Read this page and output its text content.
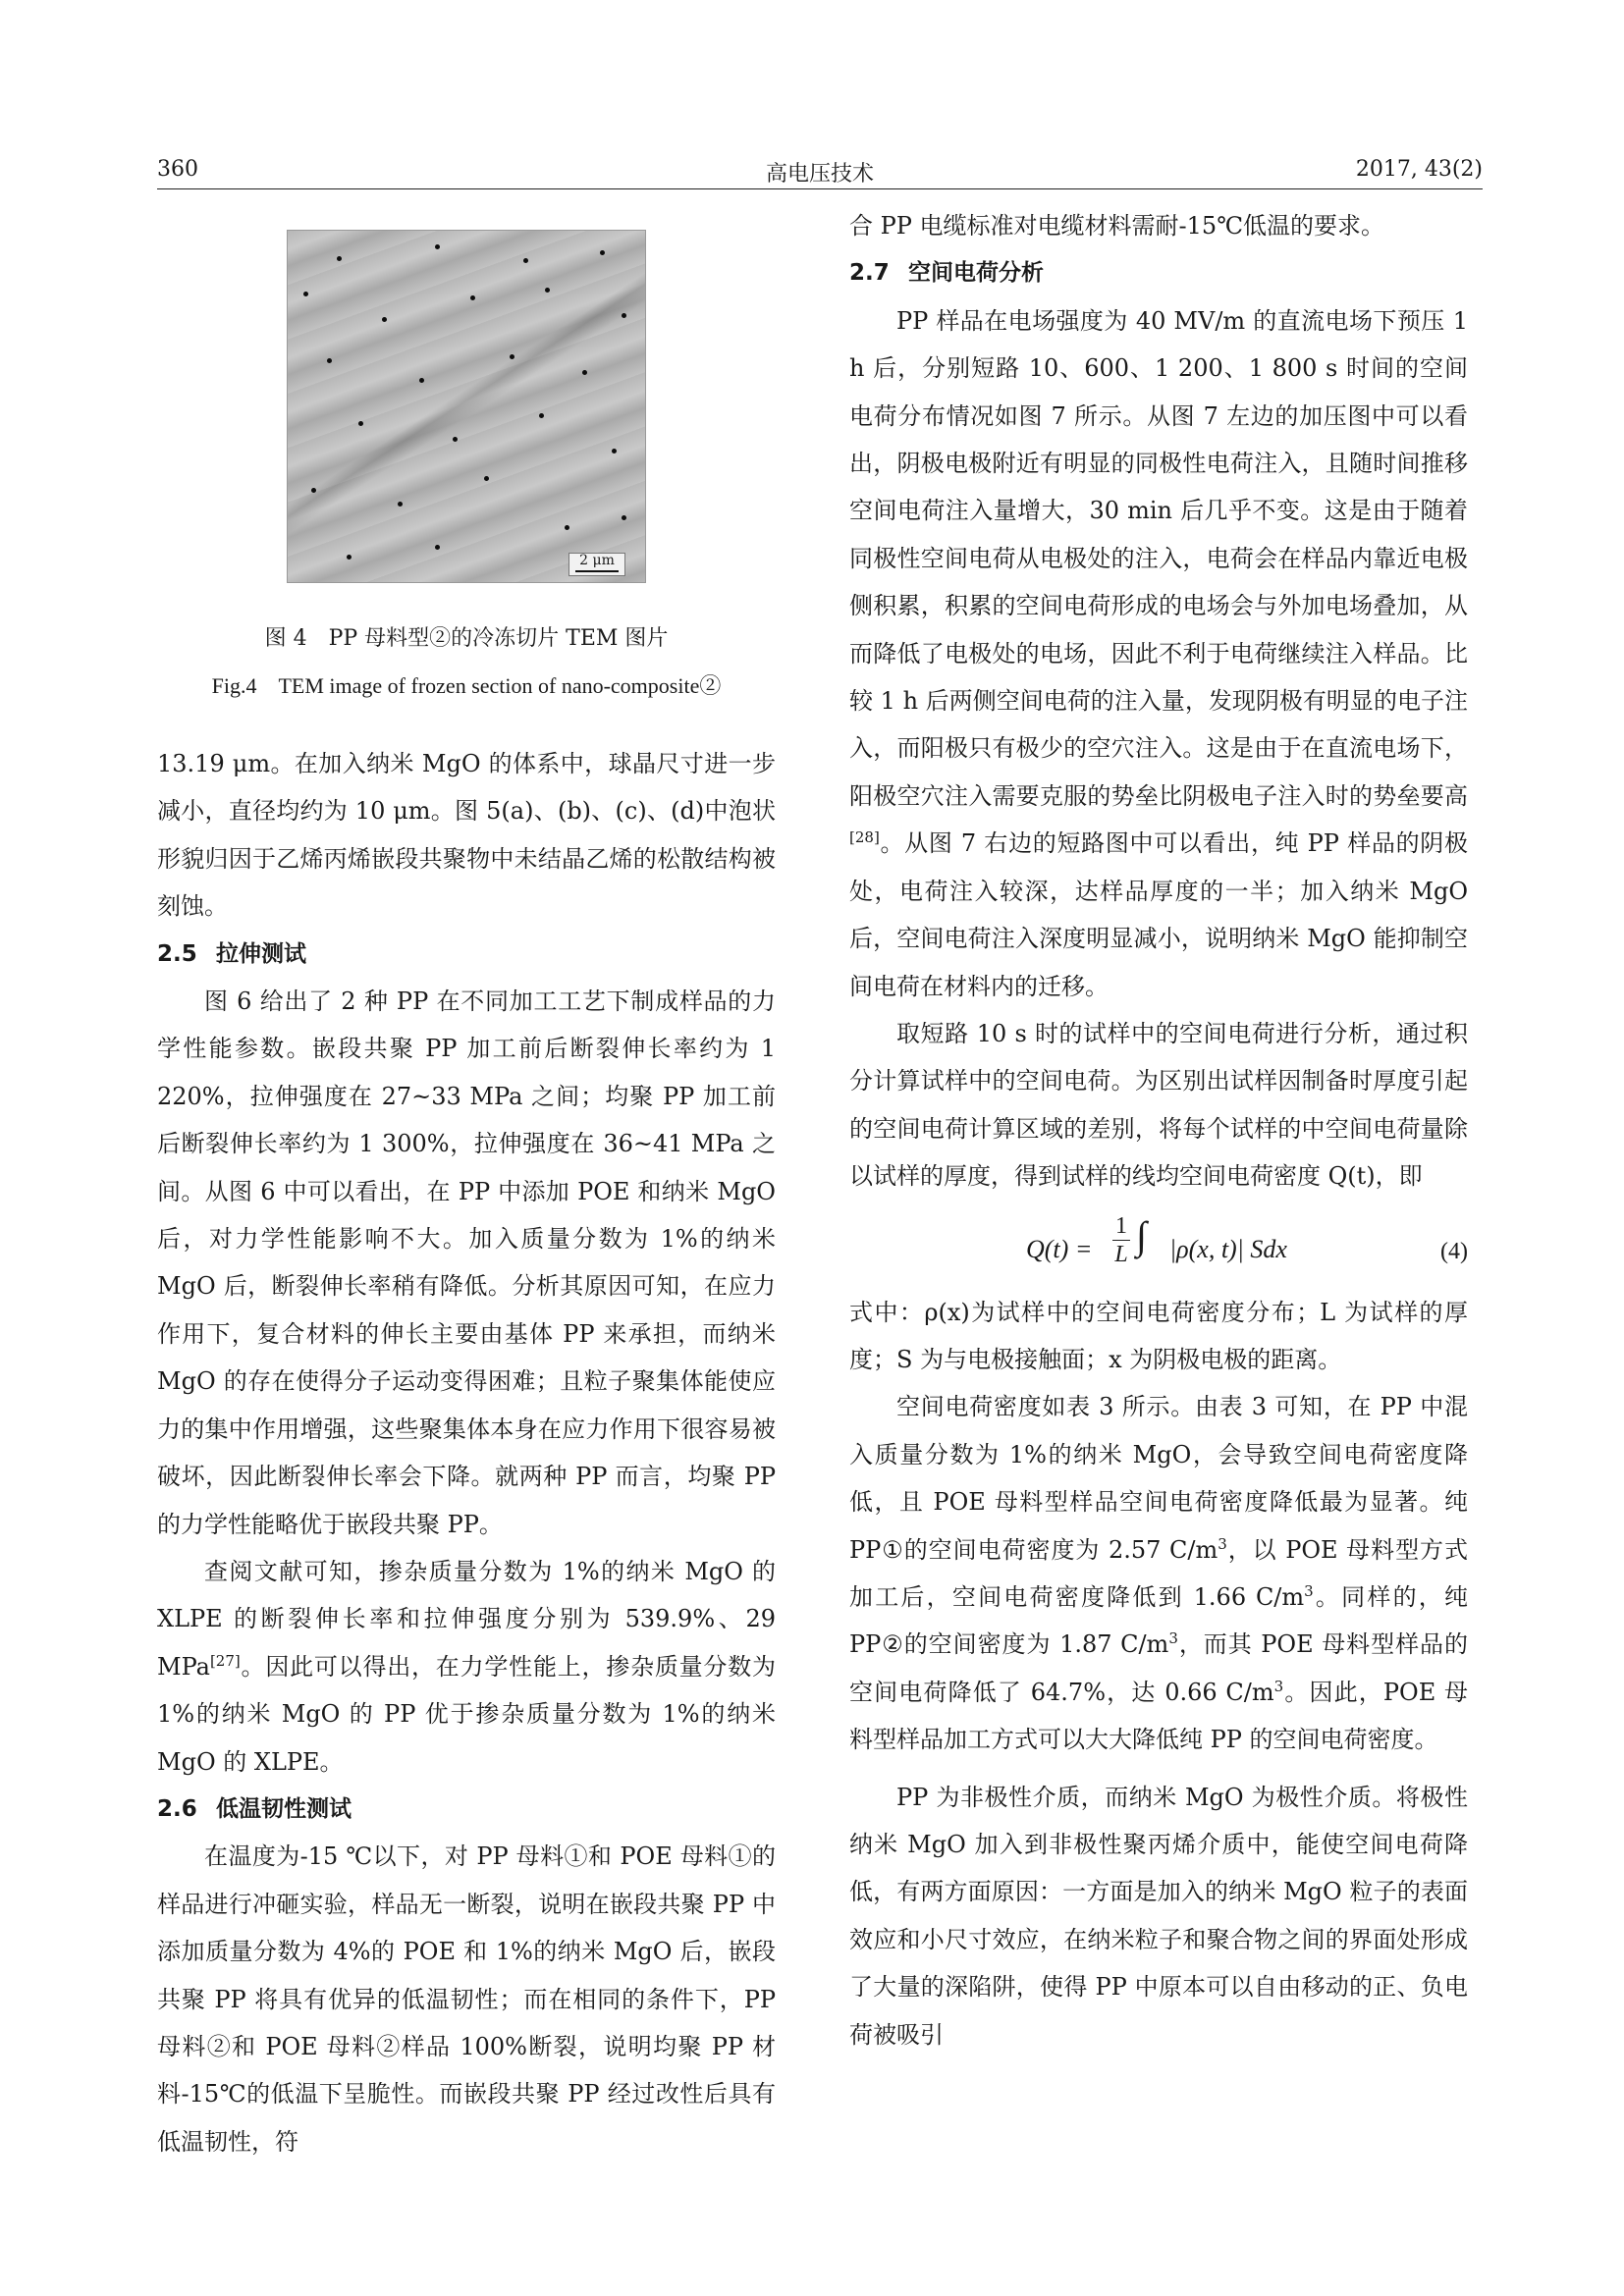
360	高电压技术	2017, 43(2)
2 μm
图 4　PP 母料型②的冷冻切片 TEM 图片
Fig.4　TEM image of frozen section of nano-composite②

13.19 μm。在加入纳米 MgO 的体系中，球晶尺寸进一步减小，直径均约为 10 μm。图 5(a)、(b)、(c)、(d)中泡状形貌归因于乙烯丙烯嵌段共聚物中未结晶乙烯的松散结构被刻蚀。

2.5 拉伸测试

图 6 给出了 2 种 PP 在不同加工工艺下制成样品的力学性能参数。嵌段共聚 PP 加工前后断裂伸长率约为 1 220%，拉伸强度在 27~33 MPa 之间；均聚 PP 加工前后断裂伸长率约为 1 300%，拉伸强度在 36~41 MPa 之间。从图 6 中可以看出，在 PP 中添加 POE 和纳米 MgO 后，对力学性能影响不大。加入质量分数为 1%的纳米 MgO 后，断裂伸长率稍有降低。分析其原因可知，在应力作用下，复合材料的伸长主要由基体 PP 来承担，而纳米 MgO 的存在使得分子运动变得困难；且粒子聚集体能使应力的集中作用增强，这些聚集体本身在应力作用下很容易被破坏，因此断裂伸长率会下降。就两种 PP 而言，均聚 PP 的力学性能略优于嵌段共聚 PP。

查阅文献可知，掺杂质量分数为 1%的纳米 MgO 的 XLPE 的断裂伸长率和拉伸强度分别为 539.9%、29 MPa[27]。因此可以得出，在力学性能上，掺杂质量分数为 1%的纳米 MgO 的 PP 优于掺杂质量分数为 1%的纳米 MgO 的 XLPE。

2.6 低温韧性测试

在温度为-15 ℃以下，对 PP 母料①和 POE 母料①的样品进行冲砸实验，样品无一断裂，说明在嵌段共聚 PP 中添加质量分数为 4%的 POE 和 1%的纳米 MgO 后，嵌段共聚 PP 将具有优异的低温韧性；而在相同的条件下，PP 母料②和 POE 母料②样品 100%断裂，说明均聚 PP 材料-15℃的低温下呈脆性。而嵌段共聚 PP 经过改性后具有低温韧性，符

合 PP 电缆标准对电缆材料需耐-15℃低温的要求。

2.7 空间电荷分析

PP 样品在电场强度为 40 MV/m 的直流电场下预压 1 h 后，分别短路 10、600、1 200、1 800 s 时间的空间电荷分布情况如图 7 所示。从图 7 左边的加压图中可以看出，阴极电极附近有明显的同极性电荷注入，且随时间推移空间电荷注入量增大，30 min 后几乎不变。这是由于随着同极性空间电荷从电极处的注入，电荷会在样品内靠近电极侧积累，积累的空间电荷形成的电场会与外加电场叠加，从而降低了电极处的电场，因此不利于电荷继续注入样品。比较 1 h 后两侧空间电荷的注入量，发现阴极有明显的电子注入，而阳极只有极少的空穴注入。这是由于在直流电场下，阳极空穴注入需要克服的势垒比阴极电子注入时的势垒要高[28]。从图 7 右边的短路图中可以看出，纯 PP 样品的阴极处，电荷注入较深，达样品厚度的一半；加入纳米 MgO 后，空间电荷注入深度明显减小，说明纳米 MgO 能抑制空间电荷在材料内的迁移。

取短路 10 s 时的试样中的空间电荷进行分析，通过积分计算试样中的空间电荷。为区别出试样因制备时厚度引起的空间电荷计算区域的差别，将每个试样的中空间电荷量除以试样的厚度，得到试样的线均空间电荷密度 Q(t)，即

$Q(t) = \frac{1}{L}$ ∫ |ρ(x, t)| Sdx	(4)

式中：ρ(x)为试样中的空间电荷密度分布；L 为试样的厚度；S 为与电极接触面；x 为阴极电极的距离。

空间电荷密度如表 3 所示。由表 3 可知，在 PP 中混入质量分数为 1%的纳米 MgO，会导致空间电荷密度降低，且 POE 母料型样品空间电荷密度降低最为显著。纯 PP①的空间电荷密度为 2.57 $C/m^3$，以 POE 母料型方式加工后，空间电荷密度降低到 1.66 $C/m^3$。同样的，纯 PP②的空间密度为 1.87 $C/m^3$，而其 POE 母料型样品的空间电荷降低了 64.7%，达 0.66 $C/m^3$。因此，POE 母料型样品加工方式可以大大降低纯 PP 的空间电荷密度。

PP 为非极性介质，而纳米 MgO 为极性介质。将极性纳米 MgO 加入到非极性聚丙烯介质中，能使空间电荷降低，有两方面原因：一方面是加入的纳米 MgO 粒子的表面效应和小尺寸效应，在纳米粒子和聚合物之间的界面处形成了大量的深陷阱，使得 PP 中原本可以自由移动的正、负电荷被吸引
